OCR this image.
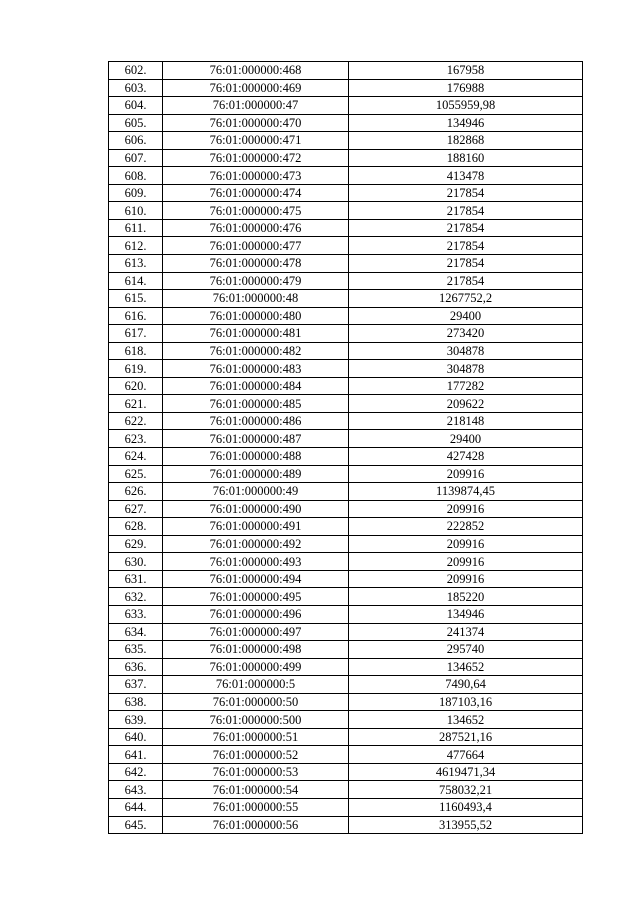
602.	76:01:000000:468	167958
603.	76:01:000000:469	176988
604.	76:01:000000:47	1055959,98
605.	76:01:000000:470	134946
606.	76:01:000000:471	182868
607.	76:01:000000:472	188160
608.	76:01:000000:473	413478
609.	76:01:000000:474	217854
610.	76:01:000000:475	217854
611.	76:01:000000:476	217854
612.	76:01:000000:477	217854
613.	76:01:000000:478	217854
614.	76:01:000000:479	217854
615.	76:01:000000:48	1267752,2
616.	76:01:000000:480	29400
617.	76:01:000000:481	273420
618.	76:01:000000:482	304878
619.	76:01:000000:483	304878
620.	76:01:000000:484	177282
621.	76:01:000000:485	209622
622.	76:01:000000:486	218148
623.	76:01:000000:487	29400
624.	76:01:000000:488	427428
625.	76:01:000000:489	209916
626.	76:01:000000:49	1139874,45
627.	76:01:000000:490	209916
628.	76:01:000000:491	222852
629.	76:01:000000:492	209916
630.	76:01:000000:493	209916
631.	76:01:000000:494	209916
632.	76:01:000000:495	185220
633.	76:01:000000:496	134946
634.	76:01:000000:497	241374
635.	76:01:000000:498	295740
636.	76:01:000000:499	134652
637.	76:01:000000:5	7490,64
638.	76:01:000000:50	187103,16
639.	76:01:000000:500	134652
640.	76:01:000000:51	287521,16
641.	76:01:000000:52	477664
642.	76:01:000000:53	4619471,34
643.	76:01:000000:54	758032,21
644.	76:01:000000:55	1160493,4
645.	76:01:000000:56	313955,52
